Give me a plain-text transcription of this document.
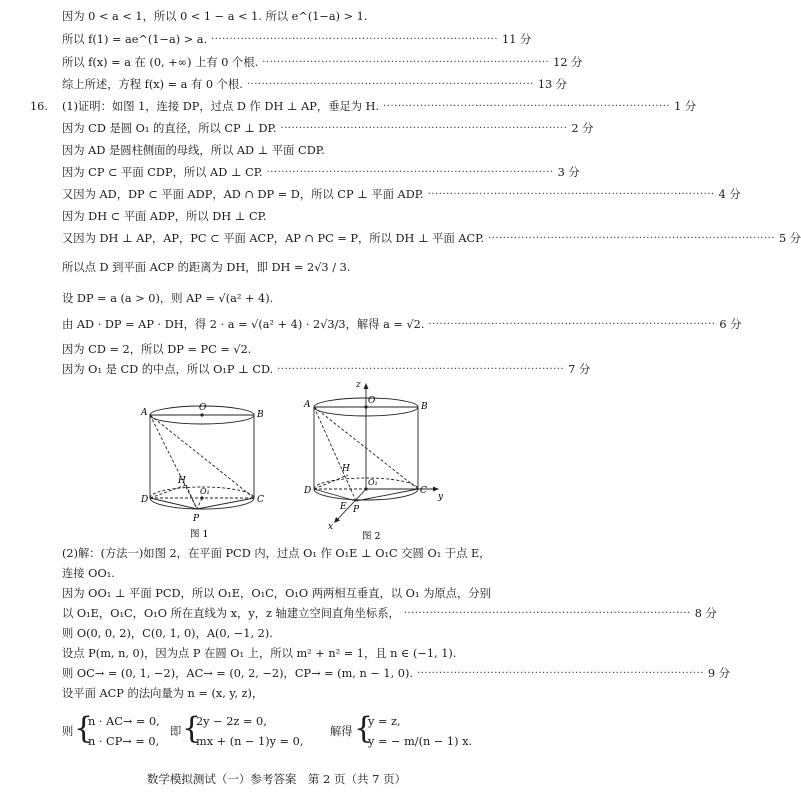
因为 0 < a < 1，所以 0 < 1 − a < 1. 所以 e^(1−a) > 1.
所以 f(1) = ae^(1−a) > a. ·············································································· 11 分
所以 f(x) = a 在 (0, +∞) 上有 0 个根. ·············································································· 12 分
综上所述，方程 f(x) = a 有 0 个根. ·············································································· 13 分
16. (1)证明：如图 1，连接 DP，过点 D 作 DH ⊥ AP，垂足为 H. ·············································································· 1 分
因为 CD 是圆 O₁ 的直径，所以 CP ⊥ DP. ·············································································· 2 分
因为 AD 是圆柱侧面的母线，所以 AD ⊥ 平面 CDP.
因为 CP ⊂ 平面 CDP，所以 AD ⊥ CP. ·············································································· 3 分
又因为 AD，DP ⊂ 平面 ADP，AD ∩ DP = D，所以 CP ⊥ 平面 ADP. ·············································································· 4 分
因为 DH ⊂ 平面 ADP，所以 DH ⊥ CP.
又因为 DH ⊥ AP，AP，PC ⊂ 平面 ACP，AP ∩ PC = P，所以 DH ⊥ 平面 ACP. ·············································································· 5 分
所以点 D 到平面 ACP 的距离为 DH，即 DH = 2√3 / 3.
设 DP = a (a > 0)，则 AP = √(a² + 4).
由 AD · DP = AP · DH，得 2 · a = √(a² + 4) · 2√3/3，解得 a = √2. ·············································································· 6 分
因为 CD = 2，所以 DP = PC = √2.
因为 O₁ 是 CD 的中点，所以 O₁P ⊥ CD. ·············································································· 7 分
A	B
O
H
O₁
D	C
P
图 1
z
A	B
O
H
O₁
D	C
y
E P
x
图 2
(2)解：(方法一)如图 2，在平面 PCD 内，过点 O₁ 作 O₁E ⊥ O₁C 交圆 O₁ 于点 E，
连接 OO₁.
因为 OO₁ ⊥ 平面 PCD，所以 O₁E，O₁C，O₁O 两两相互垂直，以 O₁ 为原点，分别
以 O₁E，O₁C，O₁O 所在直线为 x，y，z 轴建立空间直角坐标系， ·············································································· 8 分
则 O(0, 0, 2)，C(0, 1, 0)，A(0, −1, 2).
设点 P(m, n, 0)，因为点 P 在圆 O₁ 上，所以 m² + n² = 1，且 n ∈ (−1, 1).
则 OC→ = (0, 1, −2)，AC→ = (0, 2, −2)，CP→ = (m, n − 1, 0). ·············································································· 9 分
设平面 ACP 的法向量为 n = (x, y, z)，
则 {
n · AC→ = 0,
n · CP→ = 0,
即 {
2y − 2z = 0,
mx + (n − 1)y = 0,
解得 {
y = z,
y = − m/(n − 1) x.
数学模拟测试（一）参考答案　第 2 页（共 7 页）
